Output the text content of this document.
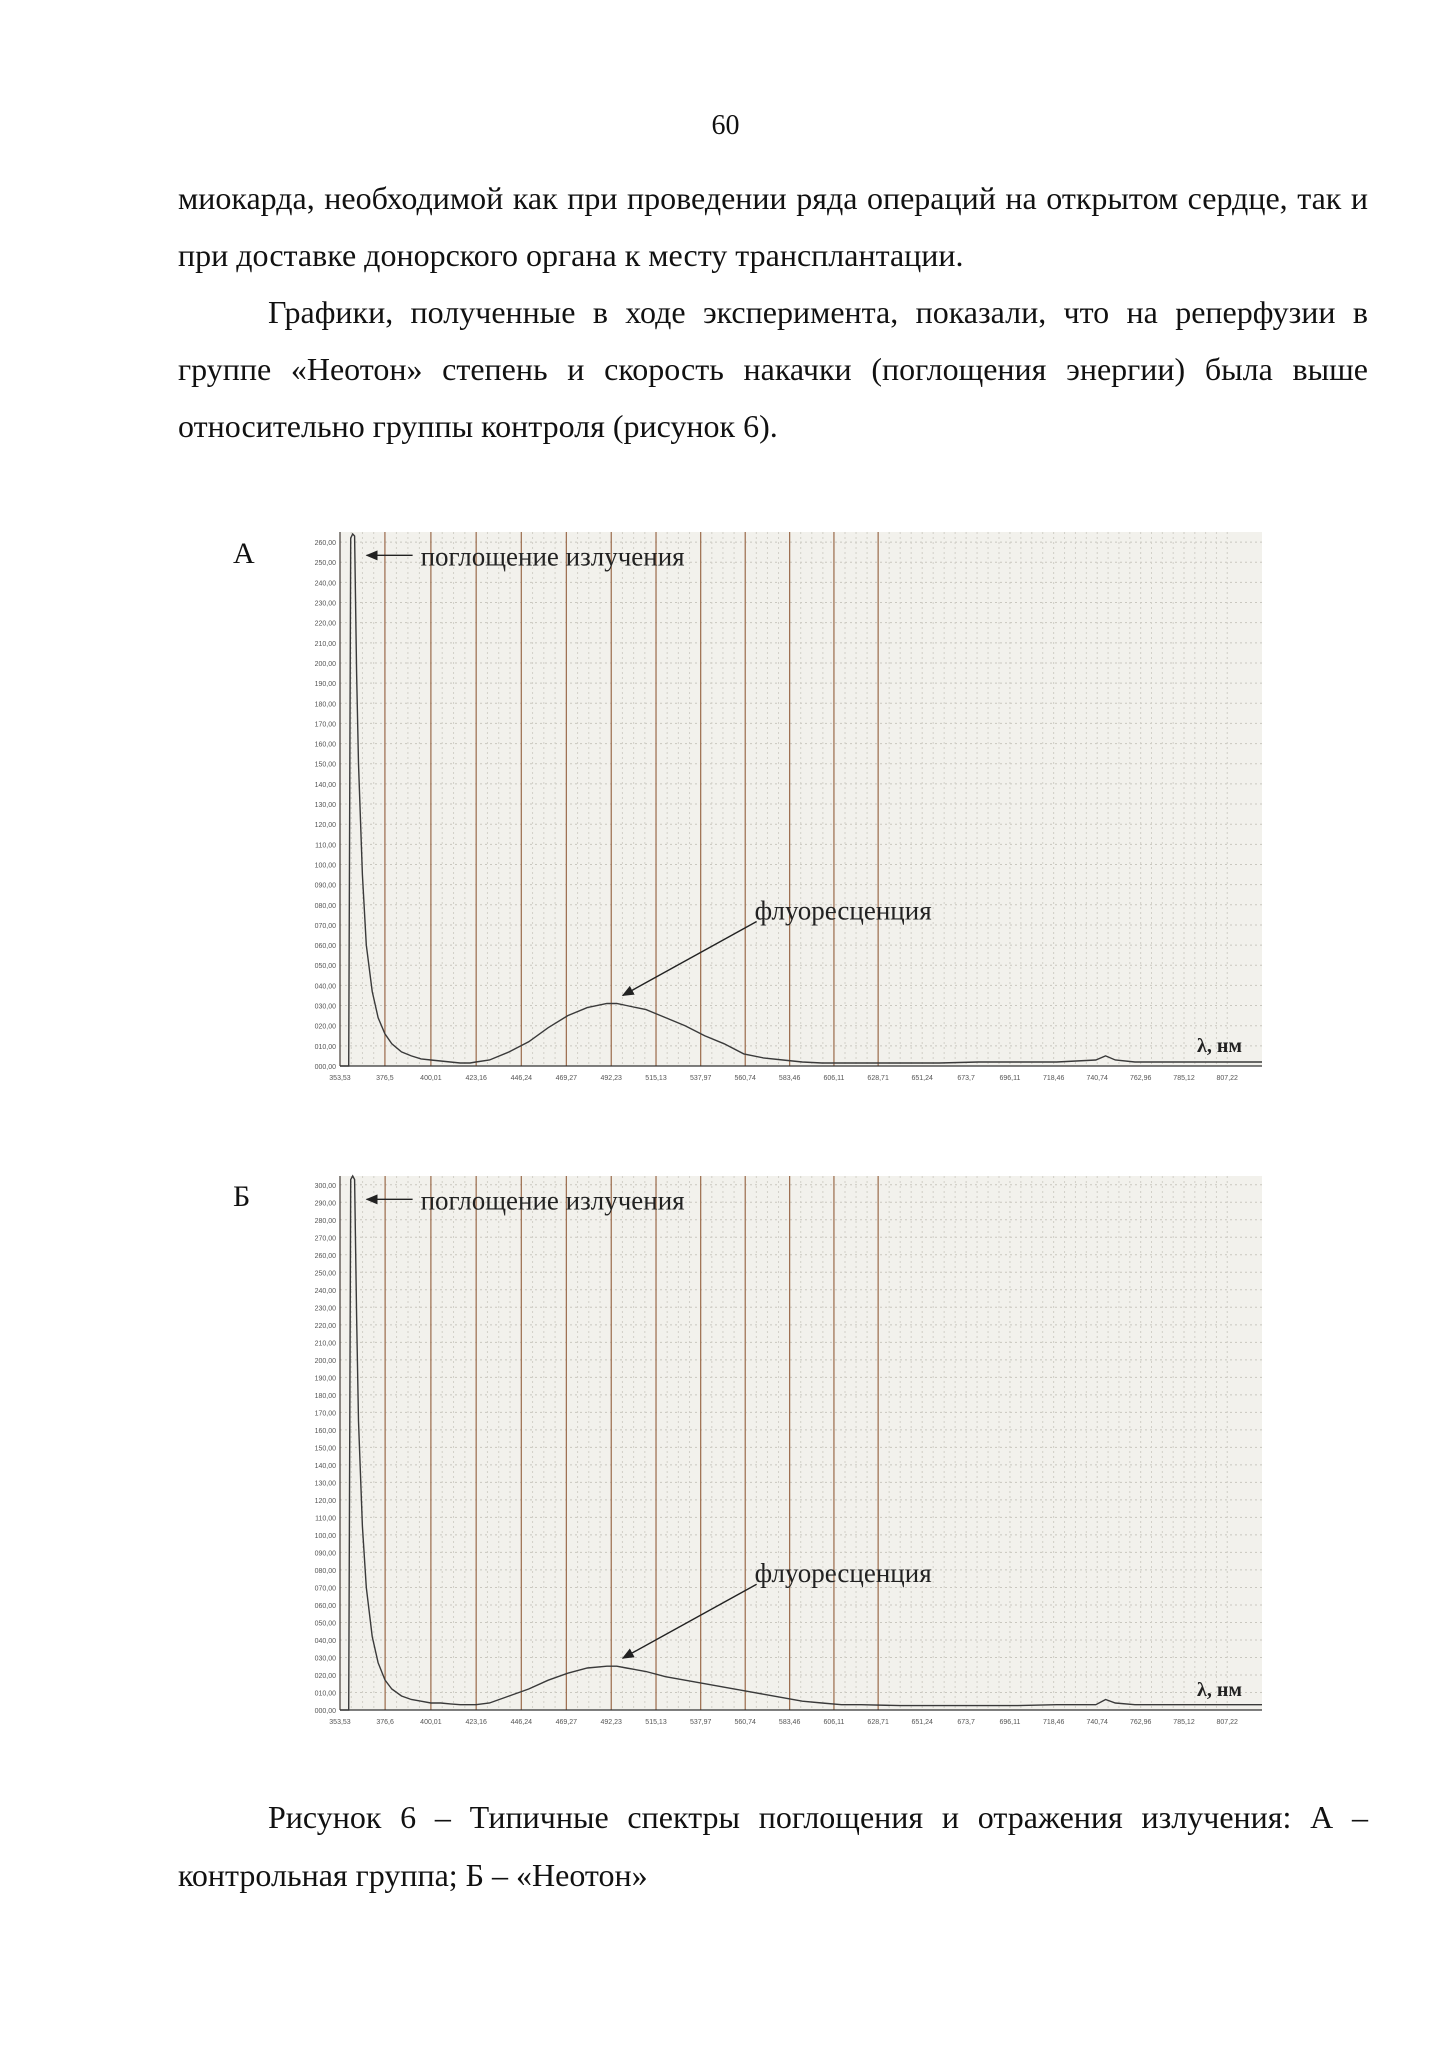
60

миокарда, необходимой как при проведении ряда операций на открытом сердце, так и при доставке донорского органа к месту трансплантации.

Графики, полученные в ходе эксперимента, показали, что на реперфузии в группе «Неотон» степень и скорость накачки (поглощения энергии) была выше относительно группы контроля (рисунок 6).

А
000,00
010,00
020,00
030,00
040,00
050,00
060,00
070,00
080,00
090,00
100,00
110,00
120,00
130,00
140,00
150,00
160,00
170,00
180,00
190,00
200,00
210,00
220,00
230,00
240,00
250,00
260,00
353,53	376,5	400,01	423,16	446,24	469,27	492,23	515,13	537,97	560,74	583,46	606,11	628,71	651,24	673,7	696,11	718,46	740,74	762,96	785,12	807,22
поглощение излучения
флуоресценция
λ, нм
Б
000,00
010,00
020,00
030,00
040,00
050,00
060,00
070,00
080,00
090,00
100,00
110,00
120,00
130,00
140,00
150,00
160,00
170,00
180,00
190,00
200,00
210,00
220,00
230,00
240,00
250,00
260,00
270,00
280,00
290,00
300,00
353,53	376,6	400,01	423,16	446,24	469,27	492,23	515,13	537,97	560,74	583,46	606,11	628,71	651,24	673,7	696,11	718,46	740,74	762,96	785,12	807,22
поглощение излучения
флуоресценция
λ, нм

Рисунок 6 – Типичные спектры поглощения и отражения излучения: А – контрольная группа; Б – «Неотон»
